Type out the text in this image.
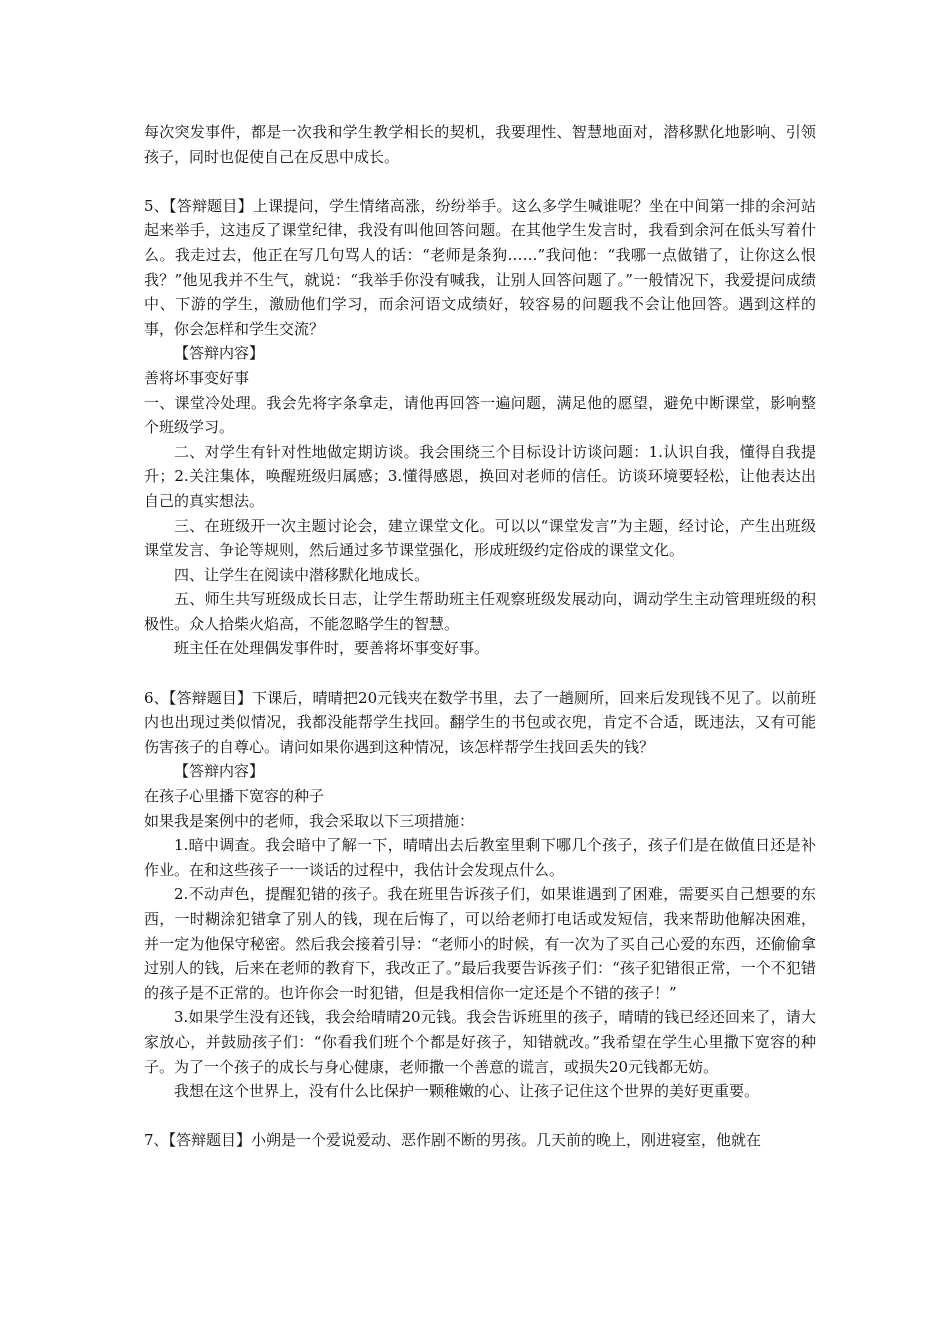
每次突发事件，都是一次我和学生教学相长的契机，我要理性、智慧地面对，潜移默化地影响、引领孩子，同时也促使自己在反思中成长。

5、【答辩题目】上课提问，学生情绪高涨，纷纷举手。这么多学生喊谁呢？坐在中间第一排的余河站起来举手，这违反了课堂纪律，我没有叫他回答问题。在其他学生发言时，我看到余河在低头写着什么。我走过去，他正在写几句骂人的话：“老师是条狗……”我问他：“我哪一点做错了，让你这么恨我？”他见我并不生气，就说：“我举手你没有喊我，让别人回答问题了。”一般情况下，我爱提问成绩中、下游的学生，激励他们学习，而余河语文成绩好，较容易的问题我不会让他回答。遇到这样的事，你会怎样和学生交流？

【答辩内容】

善将坏事变好事

一、课堂冷处理。我会先将字条拿走，请他再回答一遍问题，满足他的愿望，避免中断课堂，影响整个班级学习。

二、对学生有针对性地做定期访谈。我会围绕三个目标设计访谈问题：1.认识自我，懂得自我提升；2.关注集体，唤醒班级归属感；3.懂得感恩，换回对老师的信任。访谈环境要轻松，让他表达出自己的真实想法。

三、在班级开一次主题讨论会，建立课堂文化。可以以“课堂发言”为主题，经讨论，产生出班级课堂发言、争论等规则，然后通过多节课堂强化，形成班级约定俗成的课堂文化。

四、让学生在阅读中潜移默化地成长。

五、师生共写班级成长日志，让学生帮助班主任观察班级发展动向，调动学生主动管理班级的积极性。众人拾柴火焰高，不能忽略学生的智慧。

班主任在处理偶发事件时，要善将坏事变好事。

6、【答辩题目】下课后，晴晴把20元钱夹在数学书里，去了一趟厕所，回来后发现钱不见了。以前班内也出现过类似情况，我都没能帮学生找回。翻学生的书包或衣兜，肯定不合适，既违法，又有可能伤害孩子的自尊心。请问如果你遇到这种情况，该怎样帮学生找回丢失的钱？

【答辩内容】

在孩子心里播下宽容的种子

如果我是案例中的老师，我会采取以下三项措施：

1.暗中调查。我会暗中了解一下，晴晴出去后教室里剩下哪几个孩子，孩子们是在做值日还是补作业。在和这些孩子一一谈话的过程中，我估计会发现点什么。

2.不动声色，提醒犯错的孩子。我在班里告诉孩子们，如果谁遇到了困难，需要买自己想要的东西，一时糊涂犯错拿了别人的钱，现在后悔了，可以给老师打电话或发短信，我来帮助他解决困难，并一定为他保守秘密。然后我会接着引导：“老师小的时候，有一次为了买自己心爱的东西，还偷偷拿过别人的钱，后来在老师的教育下，我改正了。”最后我要告诉孩子们：“孩子犯错很正常，一个不犯错的孩子是不正常的。也许你会一时犯错，但是我相信你一定还是个不错的孩子！”

3.如果学生没有还钱，我会给晴晴20元钱。我会告诉班里的孩子，晴晴的钱已经还回来了，请大家放心，并鼓励孩子们：“你看我们班个个都是好孩子，知错就改。”我希望在学生心里撒下宽容的种子。为了一个孩子的成长与身心健康，老师撒一个善意的谎言，或损失20元钱都无妨。

我想在这个世界上，没有什么比保护一颗稚嫩的心、让孩子记住这个世界的美好更重要。

7、【答辩题目】小朔是一个爱说爱动、恶作剧不断的男孩。几天前的晚上，刚进寝室，他就在
